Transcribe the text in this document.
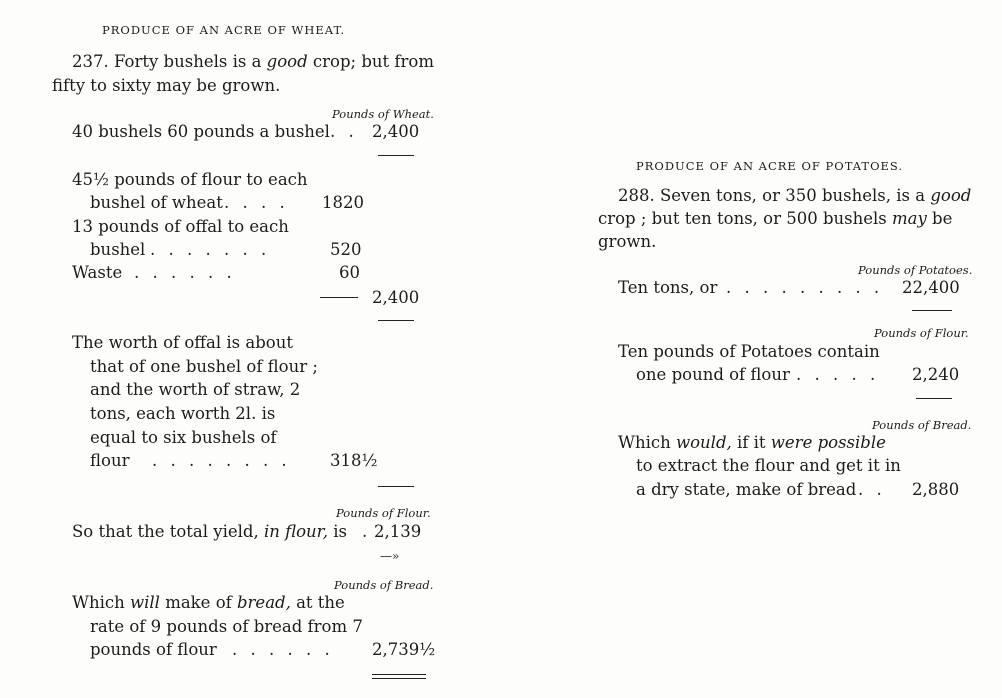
PRODUCE OF AN ACRE OF WHEAT.
237. Forty bushels is a good crop; but from
fifty to sixty may be grown.
Pounds of Wheat.
40 bushels 60 pounds a bushel . . 2,400
45½ pounds of flour to each
bushel of wheat . . . . 1820
13 pounds of offal to each
bushel . . . . . . .	520
Waste . . . . . .	60
2,400
The worth of offal is about
that of one bushel of flour ;
and the worth of straw, 2
tons, each worth 2l. is
equal to six bushels of
flour . . . . . . . . 318½
Pounds of Flour.
So that the total yield, in flour, is . 2,139
—»
Pounds of Bread.
Which will make of bread, at the
rate of 9 pounds of bread from 7
pounds of flour . . . . . . 2,739½
PRODUCE OF AN ACRE OF POTATOES.
288. Seven tons, or 350 bushels, is a good
crop ; but ten tons, or 500 bushels may be
grown.
Pounds of Potatoes.
Ten tons, or . . . . . . . . . 22,400
Pounds of Flour.
Ten pounds of Potatoes contain
one pound of flour . . . . . 2,240
Pounds of Bread.
Which would, if it were possible
to extract the flour and get it in
a dry state, make of bread . . 2,880
